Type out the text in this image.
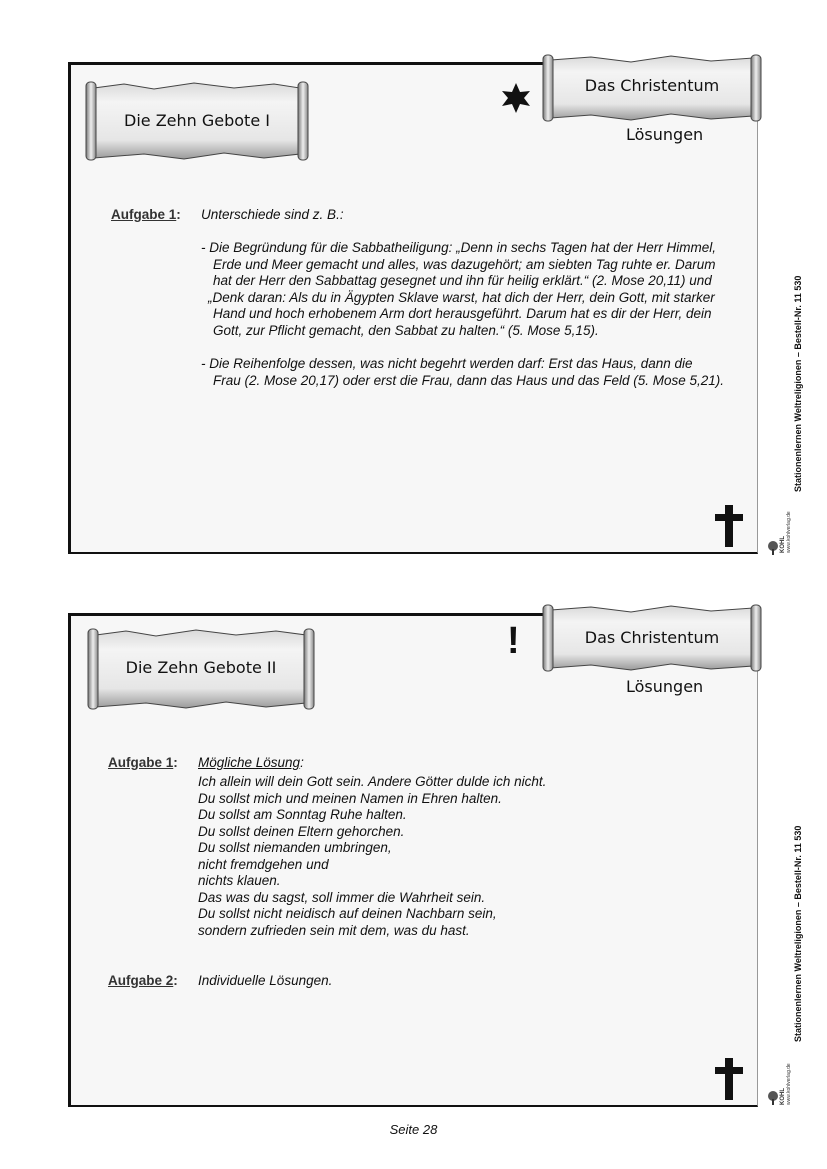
Die Zehn Gebote I
Das Christentum
Lösungen
Aufgabe 1: Unterschiede sind z. B.:
- Die Begründung für die Sabbatheiligung: „Denn in sechs Tagen hat der Herr Himmel,
Erde und Meer gemacht und alles, was dazugehört; am siebten Tag ruhte er. Darum
hat der Herr den Sabbattag gesegnet und ihn für heilig erklärt.“ (2. Mose 20,11) und
„Denk daran: Als du in Ägypten Sklave warst, hat dich der Herr, dein Gott, mit starker
Hand und hoch erhobenem Arm dort herausgeführt. Darum hat es dir der Herr, dein
Gott, zur Pflicht gemacht, den Sabbat zu halten.“ (5. Mose 5,15).
- Die Reihenfolge dessen, was nicht begehrt werden darf: Erst das Haus, dann die
Frau (2. Mose 20,17) oder erst die Frau, dann das Haus und das Feld (5. Mose 5,21).	Stationenlernen Weltreligionen – Bestell-Nr. 11 530
KOHL www.kohlverlag.de
Die Zehn Gebote II
Das Christentum
Lösungen
!
Aufgabe 1: Mögliche Lösung:
Ich allein will dein Gott sein. Andere Götter dulde ich nicht.
Du sollst mich und meinen Namen in Ehren halten.
Du sollst am Sonntag Ruhe halten.
Du sollst deinen Eltern gehorchen.
Du sollst niemanden umbringen,
nicht fremdgehen und
nichts klauen.
Das was du sagst, soll immer die Wahrheit sein.
Du sollst nicht neidisch auf deinen Nachbarn sein,
sondern zufrieden sein mit dem, was du hast.
Aufgabe 2: Individuelle Lösungen.	Stationenlernen Weltreligionen – Bestell-Nr. 11 530
KOHL www.kohlverlag.de
Seite 28
